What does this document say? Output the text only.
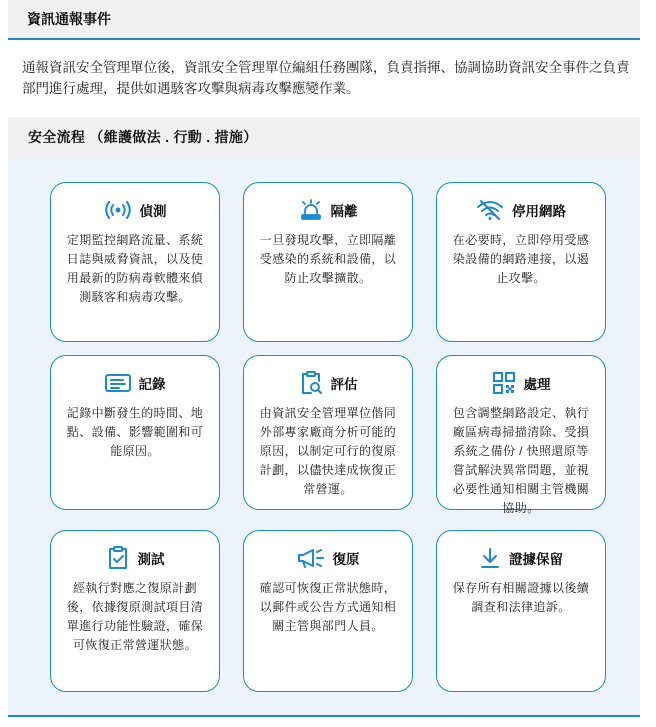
資訊通報事件

通報資訊安全管理單位後，資訊安全管理單位編組任務團隊，負責指揮、協調協助資訊安全事件之負責部門進行處理，提供如遇駭客攻擊與病毒攻擊應變作業。

安全流程 （維護做法 . 行動 . 措施）
偵測
定期監控網路流量、系統日誌與威脅資訊，以及使用最新的防病毒軟體來偵測駭客和病毒攻擊。
隔離
一旦發現攻擊，立即隔離受感染的系統和設備，以防止攻擊擴散。
停用網路
在必要時，立即停用受感染設備的網路連接，以遏止攻擊。
記錄
記錄中斷發生的時間、地點、設備、影響範圍和可能原因。
評估
由資訊安全管理單位偕同外部專家廠商分析可能的原因，以制定可行的復原計劃，以儘快達成恢復正常營運。
處理
包含調整網路設定、執行廠區病毒掃描清除、受損系統之備份 / 快照還原等嘗試解決異常問題，並視必要性通知相關主管機關協助。
測試
經執行對應之復原計劃後，依據復原測試項目清單進行功能性驗證，確保可恢復正常營運狀態。
復原
確認可恢復正常狀態時，以郵件或公告方式通知相關主管與部門人員。
證據保留
保存所有相關證據以後續調查和法律追訴。
